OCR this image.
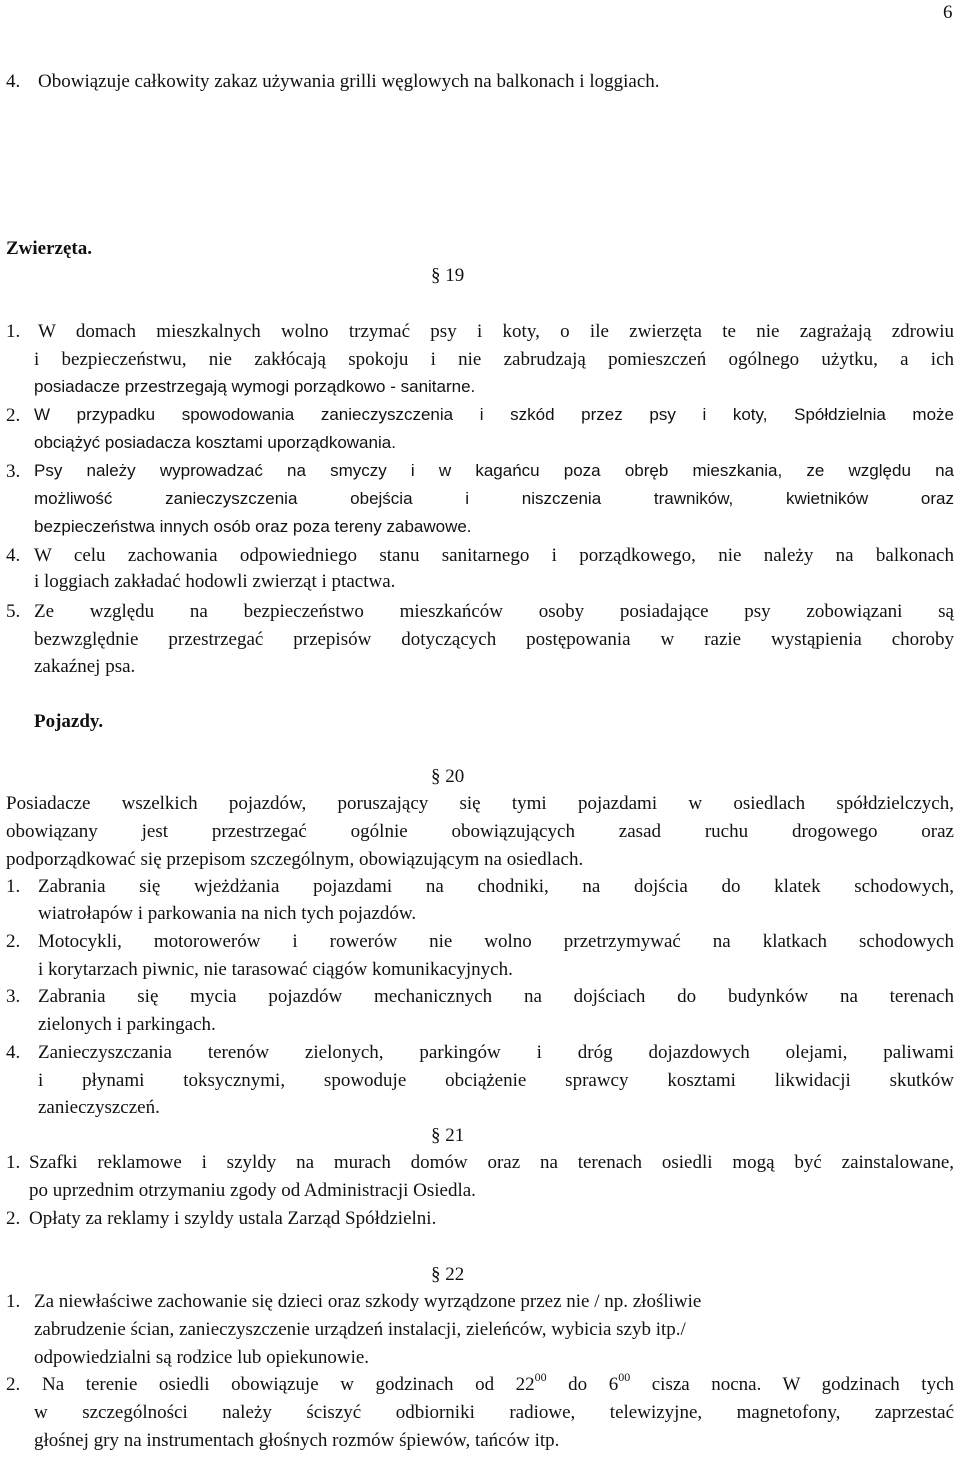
6
4. Obowiązuje całkowity zakaz używania grilli węglowych na balkonach i loggiach.
Zwierzęta.
§ 19
1. W domach mieszkalnych wolno trzymać psy i koty, o ile zwierzęta te nie zagrażają zdrowiu
i bezpieczeństwu, nie zakłócają spokoju i nie zabrudzają pomieszczeń ogólnego użytku, a ich
posiadacze przestrzegają wymogi porządkowo - sanitarne.
2. W przypadku spowodowania zanieczyszczenia i szkód przez psy i koty, Spółdzielnia może
obciążyć posiadacza kosztami uporządkowania.
3. Psy należy wyprowadzać na smyczy i w kagańcu poza obręb mieszkania, ze względu na
możliwość zanieczyszczenia obejścia i niszczenia trawników, kwietników oraz
bezpieczeństwa innych osób oraz poza tereny zabawowe.
4. W celu zachowania odpowiedniego stanu sanitarnego i porządkowego, nie należy na balkonach
i loggiach zakładać hodowli zwierząt i ptactwa.
5. Ze względu na bezpieczeństwo mieszkańców osoby posiadające psy zobowiązani są
bezwzględnie przestrzegać przepisów dotyczących postępowania w razie wystąpienia choroby
zakaźnej psa.
Pojazdy.
§ 20
Posiadacze wszelkich pojazdów, poruszający się tymi pojazdami w osiedlach spółdzielczych,
obowiązany jest przestrzegać ogólnie obowiązujących zasad ruchu drogowego oraz
podporządkować się przepisom szczególnym, obowiązującym na osiedlach.
1. Zabrania się wjeżdżania pojazdami na chodniki, na dojścia do klatek schodowych,
wiatrołapów i parkowania na nich tych pojazdów.
2. Motocykli, motorowerów i rowerów nie wolno przetrzymywać na klatkach schodowych
i korytarzach piwnic, nie tarasować ciągów komunikacyjnych.
3. Zabrania się mycia pojazdów mechanicznych na dojściach do budynków na terenach
zielonych i parkingach.
4. Zanieczyszczania terenów zielonych, parkingów i dróg dojazdowych olejami, paliwami
i płynami toksycznymi, spowoduje obciążenie sprawcy kosztami likwidacji skutków
zanieczyszczeń.
§ 21
1. Szafki reklamowe i szyldy na murach domów oraz na terenach osiedli mogą być zainstalowane,
po uprzednim otrzymaniu zgody od Administracji Osiedla.
2. Opłaty za reklamy i szyldy ustala Zarząd Spółdzielni.
§ 22
1. Za niewłaściwe zachowanie się dzieci oraz szkody wyrządzone przez nie / np. złośliwie
zabrudzenie ścian, zanieczyszczenie urządzeń instalacji, zieleńców, wybicia szyb itp./
odpowiedzialni są rodzice lub opiekunowie.
2. Na terenie osiedli obowiązuje w godzinach od $22^{00}$ do $6^{00}$ cisza nocna. W godzinach tych
w szczególności należy ściszyć odbiorniki radiowe, telewizyjne, magnetofony, zaprzestać
głośnej gry na instrumentach głośnych rozmów śpiewów, tańców itp.
